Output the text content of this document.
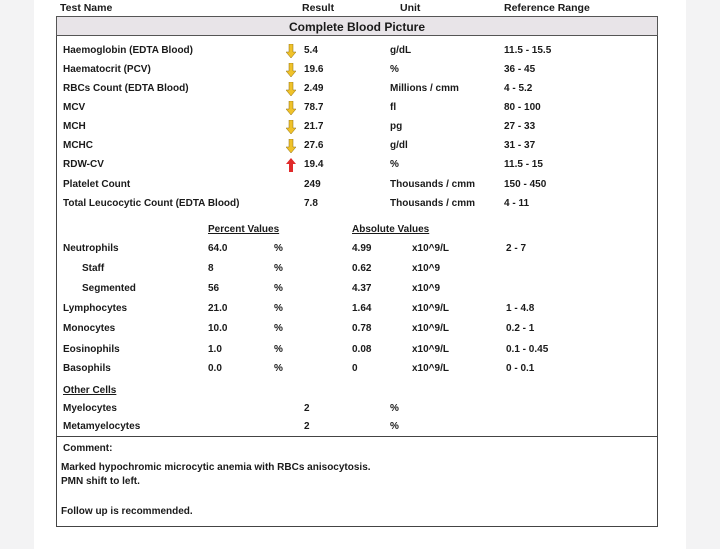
Test Name	Result	Unit	Reference Range
Complete Blood Picture
Haemoglobin (EDTA Blood)	5.4	g/dL	11.5 - 15.5
Haematocrit (PCV)	19.6	%	36 - 45
RBCs Count (EDTA Blood)	2.49	Millions / cmm	4 - 5.2
MCV	78.7	fl	80 - 100
MCH	21.7	pg	27 - 33
MCHC	27.6	g/dl	31 - 37
RDW-CV	19.4	%	11.5 - 15
Platelet Count	249	Thousands / cmm	150 - 450
Total Leucocytic Count (EDTA Blood)	7.8	Thousands / cmm	4 - 11
Percent Values	Absolute Values
Neutrophils	64.0	%	4.99	x10^9/L	2 - 7
Staff	8	%	0.62	x10^9
Segmented	56	%	4.37	x10^9
Lymphocytes	21.0	%	1.64	x10^9/L	1 - 4.8
Monocytes	10.0	%	0.78	x10^9/L	0.2 - 1
Eosinophils	1.0	%	0.08	x10^9/L	0.1 - 0.45
Basophils	0.0	%	0	x10^9/L	0 - 0.1
Other Cells
Myelocytes	2	%
Metamyelocytes	2	%
Comment:
Marked hypochromic microcytic anemia with RBCs anisocytosis.
PMN shift to left.
Follow up is recommended.
